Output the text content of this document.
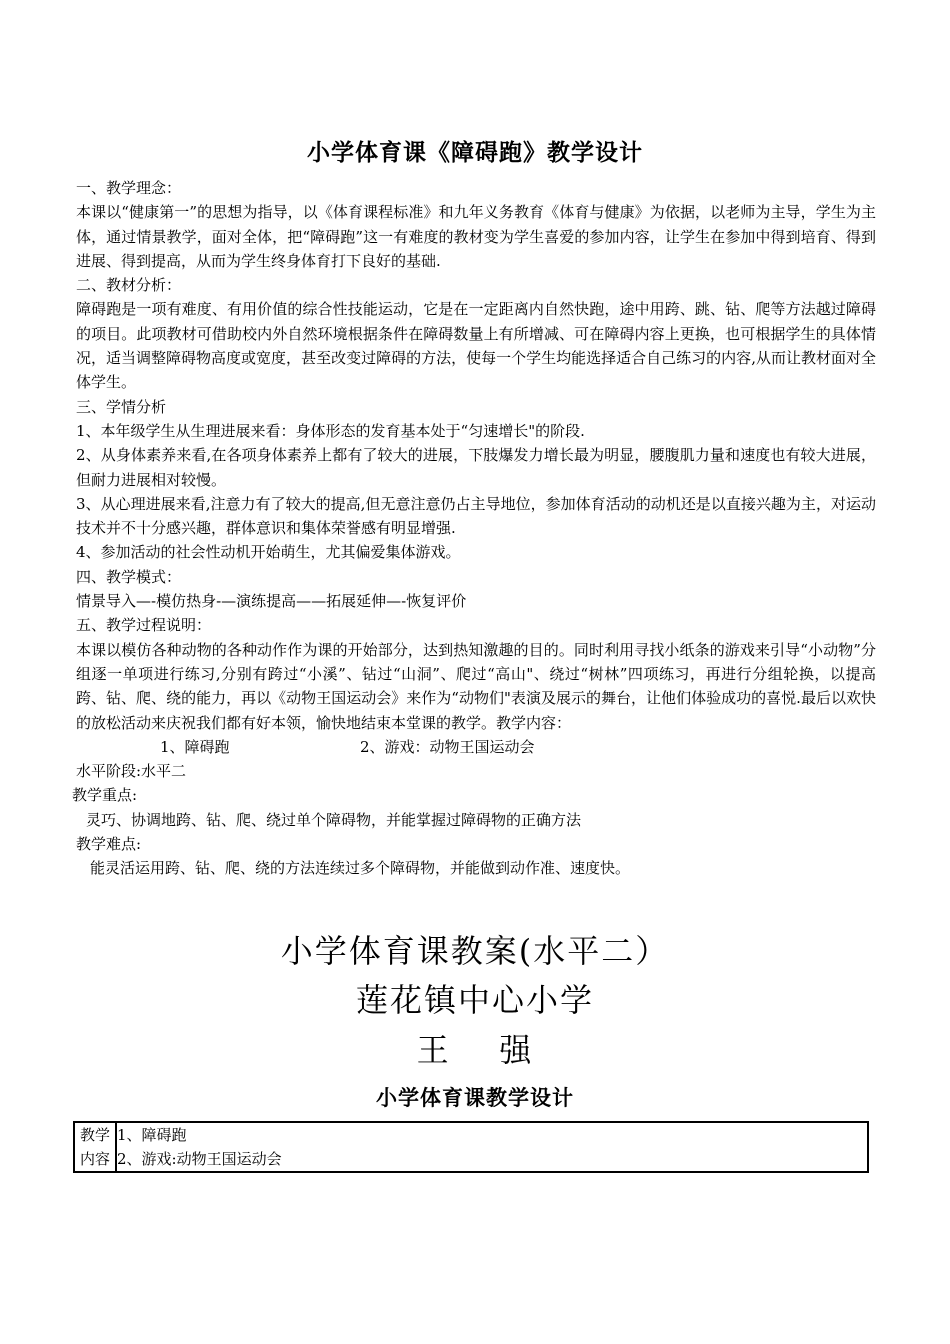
小学体育课《障碍跑》教学设计

一、教学理念：

本课以“健康第一”的思想为指导，以《体育课程标准》和九年义务教育《体育与健康》为依据，以老师为主导，学生为主体，通过情景教学，面对全体，把“障碍跑”这一有难度的教材变为学生喜爱的参加内容，让学生在参加中得到培育、得到进展、得到提高，从而为学生终身体育打下良好的基础.

二、教材分析：

障碍跑是一项有难度、有用价值的综合性技能运动，它是在一定距离内自然快跑，途中用跨、跳、钻、爬等方法越过障碍的项目。此项教材可借助校内外自然环境根据条件在障碍数量上有所增减、可在障碍内容上更换，也可根据学生的具体情况，适当调整障碍物高度或宽度，甚至改变过障碍的方法，使每一个学生均能选择适合自己练习的内容,从而让教材面对全体学生。

三、学情分析

1、本年级学生从生理进展来看：身体形态的发育基本处于“匀速增长"的阶段.

2、从身体素养来看,在各项身体素养上都有了较大的进展，下肢爆发力增长最为明显，腰腹肌力量和速度也有较大进展，但耐力进展相对较慢。

3、从心理进展来看,注意力有了较大的提高,但无意注意仍占主导地位，参加体育活动的动机还是以直接兴趣为主，对运动技术并不十分感兴趣，群体意识和集体荣誉感有明显增强.

4、参加活动的社会性动机开始萌生，尤其偏爱集体游戏。

四、教学模式：

情景导入—-模仿热身-—演练提高——拓展延伸—-恢复评价

五、教学过程说明：

本课以模仿各种动物的各种动作作为课的开始部分，达到热知激趣的目的。同时利用寻找小纸条的游戏来引导“小动物”分组逐一单项进行练习,分别有跨过“小溪”、钻过“山洞”、爬过“高山"、绕过“树林”四项练习，再进行分组轮换，以提高跨、钻、爬、绕的能力，再以《动物王国运动会》来作为“动物们"表演及展示的舞台，让他们体验成功的喜悦.最后以欢快的放松活动来庆祝我们都有好本领，愉快地结束本堂课的教学。教学内容：

1、障碍跑	2、游戏：动物王国运动会

水平阶段:水平二

教学重点:

灵巧、协调地跨、钻、爬、绕过单个障碍物，并能掌握过障碍物的正确方法

教学难点:

能灵活运用跨、钻、爬、绕的方法连续过多个障碍物，并能做到动作准、速度快。

小学体育课教案(水平二）
莲花镇中心小学
王    强
小学体育课教学设计
教学
内容

1、障碍跑
2、游戏:动物王国运动会
